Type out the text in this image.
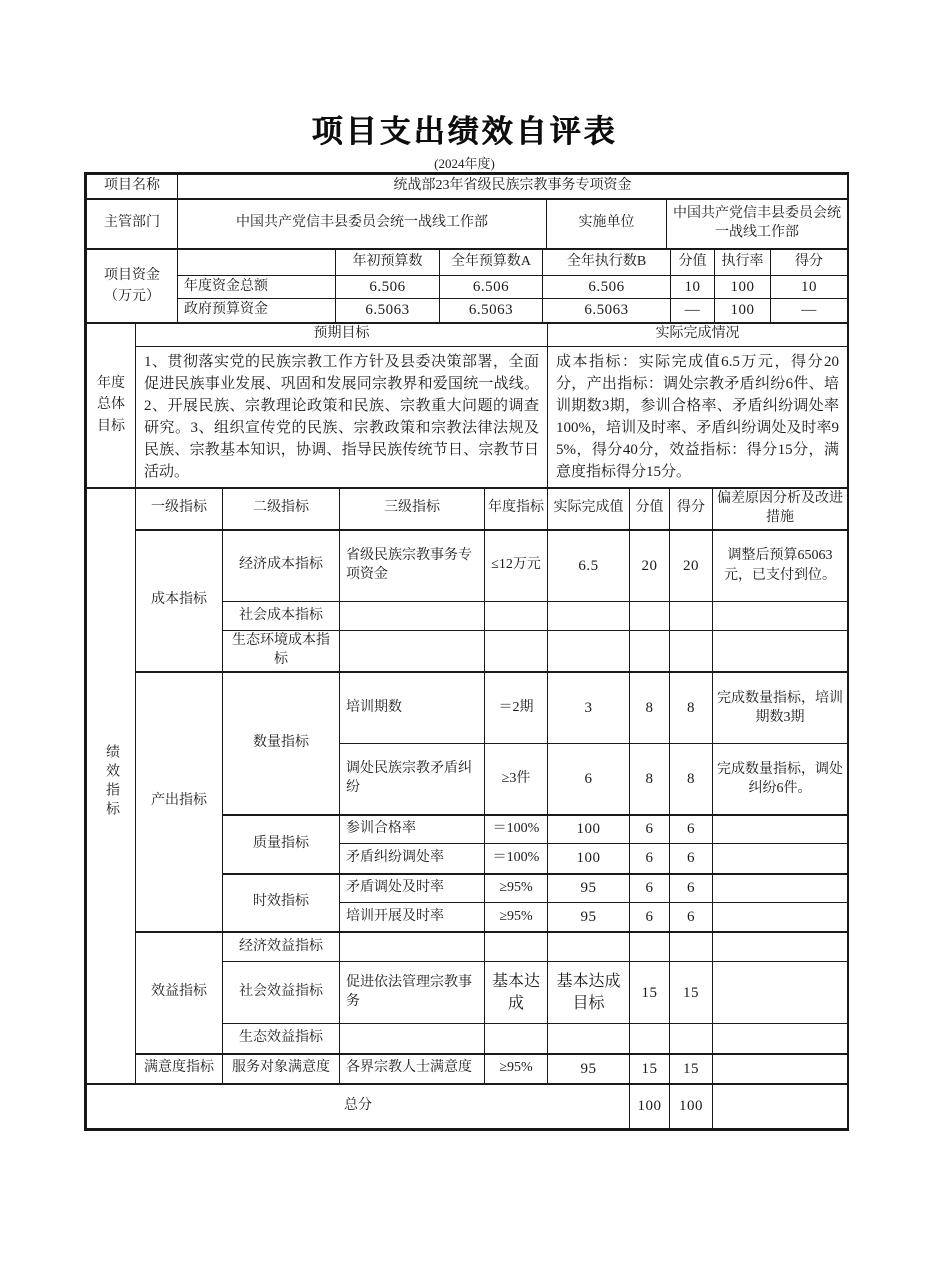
项目支出绩效自评表
(2024年度)
项目名称	统战部23年省级民族宗教事务专项资金		
主管部门	中国共产党信丰县委员会统一战线工作部	实施单位	中国共产党信丰县委员会统一战线工作部
项目资金（万元）		年初预算数	全年预算数A	全年执行数B	分值	执行率	得分
	年度资金总额	6.506	6.506	6.506	10	100	10
	政府预算资金	6.5063	6.5063	6.5063	—	100	—
年度总体目标	预期目标	实际完成情况
	1、贯彻落实党的民族宗教工作方针及县委决策部署，全面促进民族事业发展、巩固和发展同宗教界和爱国统一战线。2、开展民族、宗教理论政策和民族、宗教重大问题的调查研究。3、组织宣传党的民族、宗教政策和宗教法律法规及民族、宗教基本知识，协调、指导民族传统节日、宗教节日活动。	成本指标：实际完成值6.5万元，得分20分，产出指标：调处宗教矛盾纠纷6件、培训期数3期，参训合格率、矛盾纠纷调处率100%，培训及时率、矛盾纠纷调处及时率95%，得分40分，效益指标：得分15分，满意度指标得分15分。
绩效指标	一级指标	二级指标	三级指标	年度指标	实际完成值	分值	得分	偏差原因分析及改进措施
	成本指标	经济成本指标	省级民族宗教事务专项资金	≤12万元	6.5	20	20	调整后预算65063元，已支付到位。
		社会成本指标						
		生态环境成本指标						
	产出指标	数量指标	培训期数	＝2期	3	8	8	完成数量指标，培训期数3期
			调处民族宗教矛盾纠纷	≥3件	6	8	8	完成数量指标，调处纠纷6件。
		质量指标	参训合格率	＝100%	100	6	6	
			矛盾纠纷调处率	＝100%	100	6	6	
		时效指标	矛盾调处及时率	≥95%	95	6	6	
			培训开展及时率	≥95%	95	6	6	
	效益指标	经济效益指标						
		社会效益指标	促进依法管理宗教事务	基本达成	基本达成目标	15	15	
		生态效益指标						
	满意度指标	服务对象满意度	各界宗教人士满意度	≥95%	95	15	15	
总分						100	100	
